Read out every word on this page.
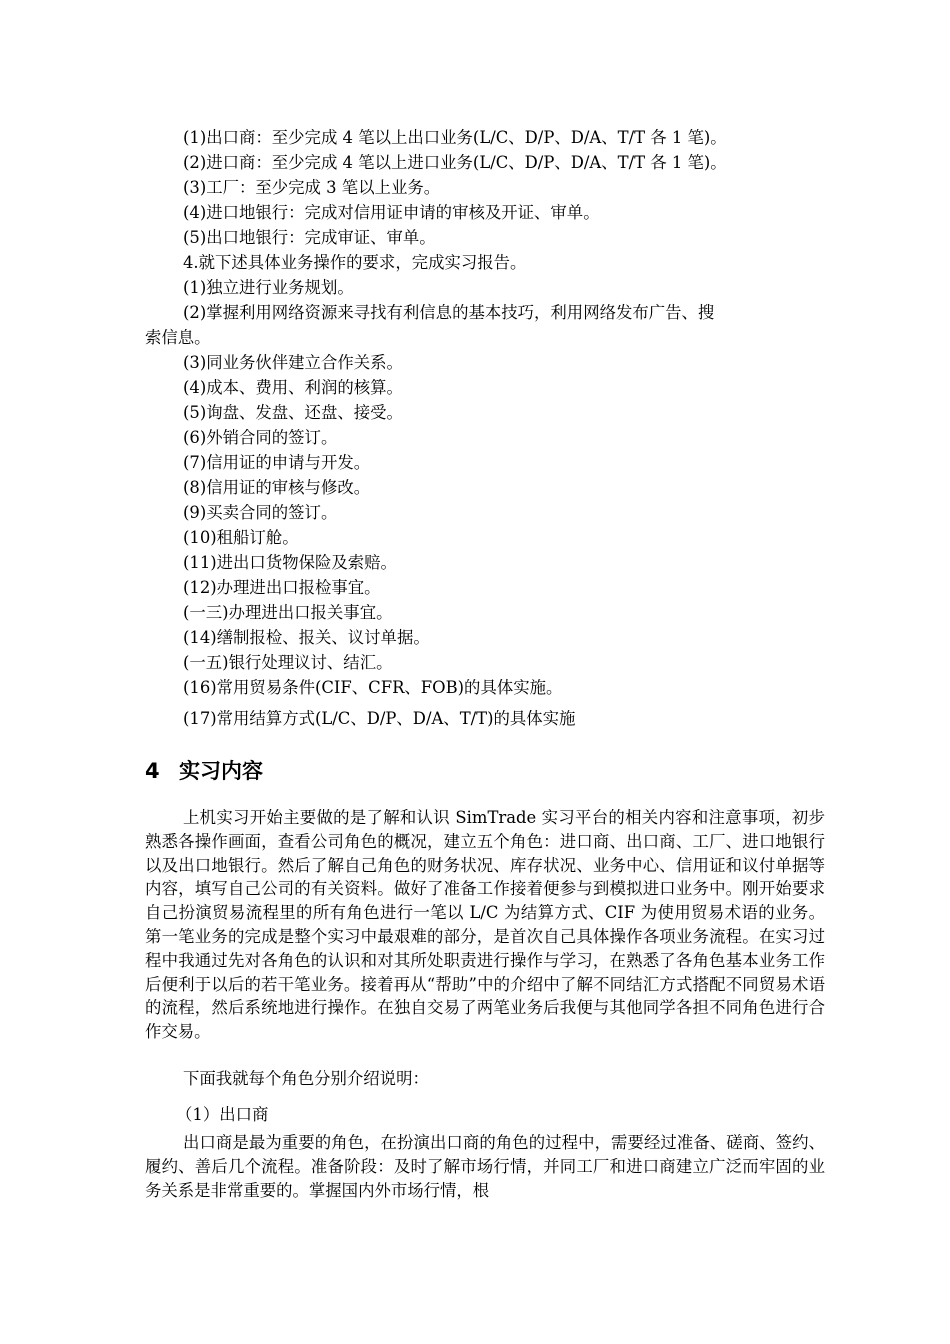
(1)出口商：至少完成 4 笔以上出口业务(L/C、D/P、D/A、T/T 各 1 笔)。
(2)进口商：至少完成 4 笔以上进口业务(L/C、D/P、D/A、T/T 各 1 笔)。
(3)工厂：至少完成 3 笔以上业务。
(4)进口地银行：完成对信用证申请的审核及开证、审单。
(5)出口地银行：完成审证、审单。
4.就下述具体业务操作的要求，完成实习报告。
(1)独立进行业务规划。
(2)掌握利用网络资源来寻找有利信息的基本技巧，利用网络发布广告、搜
索信息。
(3)同业务伙伴建立合作关系。
(4)成本、费用、利润的核算。
(5)询盘、发盘、还盘、接受。
(6)外销合同的签订。
(7)信用证的申请与开发。
(8)信用证的审核与修改。
(9)买卖合同的签订。
(10)租船订舱。
(11)进出口货物保险及索赔。
(12)办理进出口报检事宜。
(一三)办理进出口报关事宜。
(14)缮制报检、报关、议讨单据。
(一五)银行处理议讨、结汇。
(16)常用贸易条件(CIF、CFR、FOB)的具体实施。
(17)常用结算方式(L/C、D/P、D/A、T/T)的具体实施
4 实习内容
上机实习开始主要做的是了解和认识 SimTrade 实习平台的相关内容和注意事项，初步熟悉各操作画面，查看公司角色的概况，建立五个角色：进口商、出口商、工厂、进口地银行以及出口地银行。然后了解自己角色的财务状况、库存状况、业务中心、信用证和议付单据等内容，填写自己公司的有关资料。做好了准备工作接着便参与到模拟进口业务中。刚开始要求自己扮演贸易流程里的所有角色进行一笔以 L/C 为结算方式、CIF 为使用贸易术语的业务。第一笔业务的完成是整个实习中最艰难的部分，是首次自己具体操作各项业务流程。在实习过程中我通过先对各角色的认识和对其所处职责进行操作与学习，在熟悉了各角色基本业务工作后便利于以后的若干笔业务。接着再从“帮助”中的介绍中了解不同结汇方式搭配不同贸易术语的流程，然后系统地进行操作。在独自交易了两笔业务后我便与其他同学各担不同角色进行合作交易。
下面我就每个角色分别介绍说明：
（1）出口商
出口商是最为重要的角色，在扮演出口商的角色的过程中，需要经过准备、磋商、签约、履约、善后几个流程。准备阶段：及时了解市场行情，并同工厂和进口商建立广泛而牢固的业务关系是非常重要的。掌握国内外市场行情，根
